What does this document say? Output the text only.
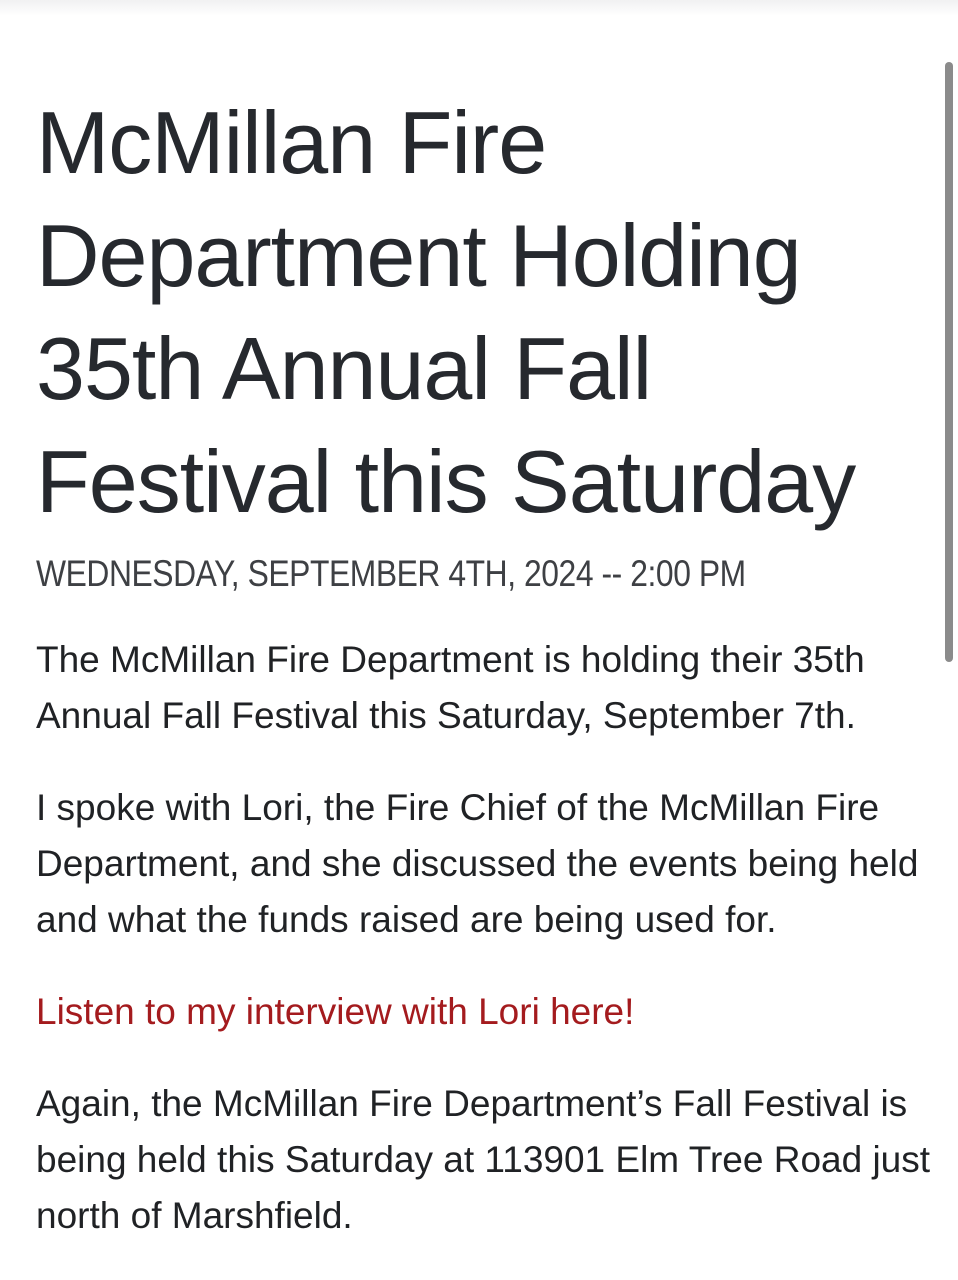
McMillan Fire
Department Holding
35th Annual Fall
Festival this Saturday
WEDNESDAY, SEPTEMBER 4TH, 2024 -- 2:00 PM

The McMillan Fire Department is holding their 35th Annual Fall Festival this Saturday, September 7th.

I spoke with Lori, the Fire Chief of the McMillan Fire Department, and she discussed the events being held and what the funds raised are being used for.

Listen to my interview with Lori here!

Again, the McMillan Fire Department’s Fall Festival is being held this Saturday at 113901 Elm Tree Road just north of Marshfield.
